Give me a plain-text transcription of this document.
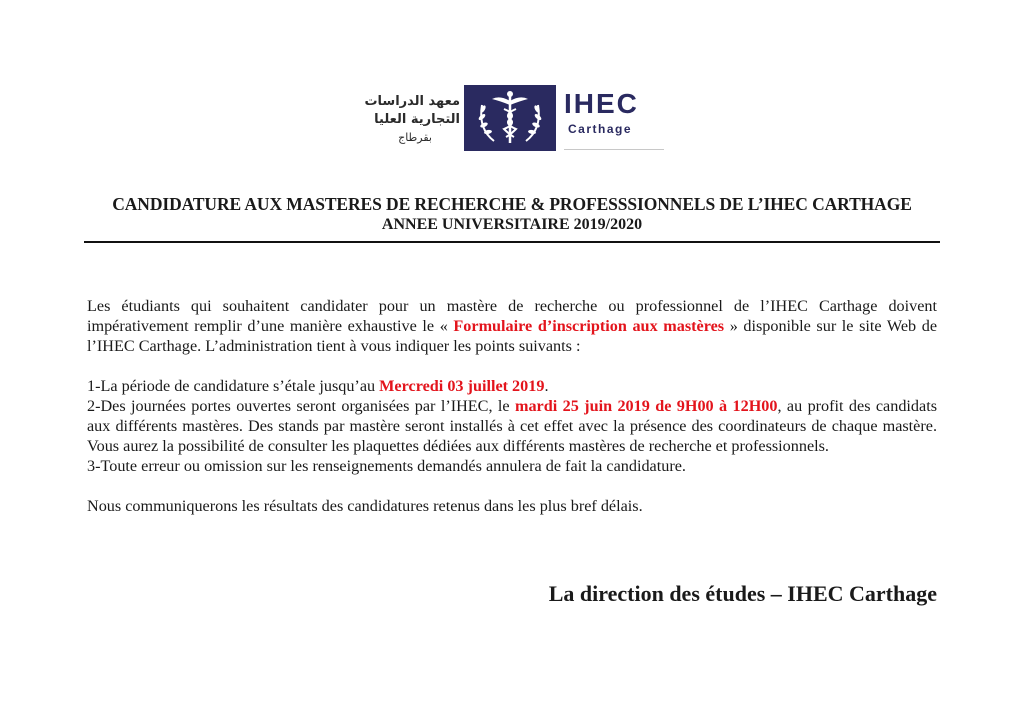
معهد الدراسات
التجارية العليا
بقرطاج
IHEC
Carthage
CANDIDATURE AUX MASTERES DE RECHERCHE & PROFESSSIONNELS DE L’IHEC CARTHAGE
ANNEE UNIVERSITAIRE 2019/2020

Les étudiants qui souhaitent candidater pour un mastère de recherche ou professionnel de l’IHEC Carthage doivent impérativement remplir d’une manière exhaustive le « Formulaire d’inscription aux mastères » disponible sur le site Web de l’IHEC Carthage. L’administration tient à vous indiquer les points suivants :

1-La période de candidature s’étale jusqu’au Mercredi 03 juillet 2019.

2-Des journées portes ouvertes seront organisées par l’IHEC, le mardi 25 juin 2019 de 9H00 à 12H00, au profit des candidats aux différents mastères. Des stands par mastère seront installés à cet effet avec la présence des coordinateurs de chaque mastère. Vous aurez la possibilité de consulter les plaquettes dédiées aux différents mastères de recherche et professionnels.

3-Toute erreur ou omission sur les renseignements demandés annulera de fait la candidature.

Nous communiquerons les résultats des candidatures retenus dans les plus bref délais.

La direction des études – IHEC Carthage
